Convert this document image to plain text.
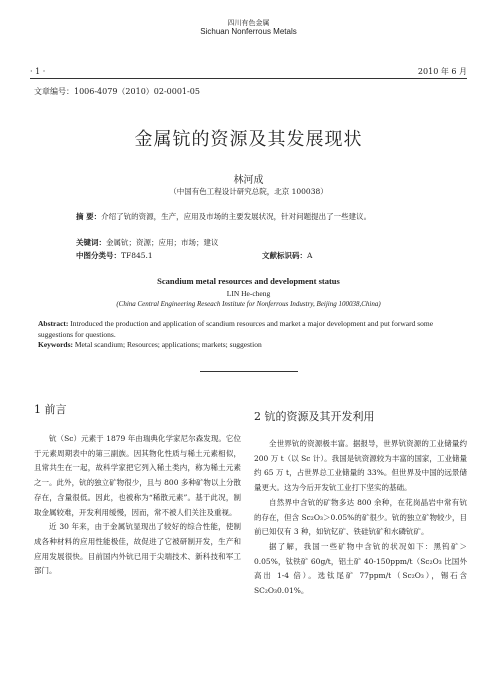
四川有色金属
Sichuan Nonferrous Metals
· 1 ·	2010 年 6 月
文章编号：1006-4079（2010）02-0001-05
金属钪的资源及其发展现状
林河成
（中国有色工程设计研究总院，北京 100038）
摘 要：介绍了钪的资源，生产，应用及市场的主要发展状况，针对问题提出了一些建议。
关键词：金属钪；资源；应用；市场；建议
中图分类号：TF845.1	文献标识码：A
Scandium metal resources and development status
LIN He-cheng
(China Central Engineering Reseach Institute for Nonferrous Industry, Beijing 100038,China)
Abstract: Introduced the production and application of scandium resources and market a major development and put forward some suggestions for questions.
Keywords: Metal scandium; Resources; applications; markets; suggestion
1 前言

钪（Sc）元素于 1879 年由瑞典化学家尼尔森发现。它位于元素周期表中的第三副族。因其物化性质与稀土元素相似，且常共生在一起，故科学家把它列入稀土类内，称为稀土元素之一。此外，钪的独立矿物很少，且与 800 多种矿物以上分散存在，含量很低。因此，也被称为“稀散元素”。基于此况，制取金属较难，开发利用缓慢，因而，常不被人们关注及重视。

近 30 年来，由于金属钪显现出了较好的综合性能，使制成各种材料的应用性能极佳，故促进了它被研制开发，生产和应用发展很快。目前国内外钪已用于尖端技术、新科技和军工部门。

2 钪的资源及其开发利用

全世界钪的资源极丰富。据报导，世界钪资源的工业储量约 200 万 t（以 Sc 计）。我国是钪资源较为丰富的国家，工业储量约 65 万 t，占世界总工业储量的 33%。但世界及中国的远景储量更大。这为今后开发钪工业打下坚实的基础。

自然界中含钪的矿物多达 800 余种，在花岗晶岩中常有钪的存在，但含 Sc₂O₃＞0.05%的矿很少。钪的独立矿物较少，目前已知仅有 3 种，如钪钇矿、铁硅钪矿和水磷钪矿。

据了解，我国一些矿物中含钪的状况如下：黑钨矿＞0.05%，钛铁矿 60g/t，铝土矿 40-150ppm/t（Sc₂O₃ 比国外高出 1-4 倍）。选钛尾矿 77ppm/t（Sc₂O₃），锡石含 SC₂O₃0.01%。
